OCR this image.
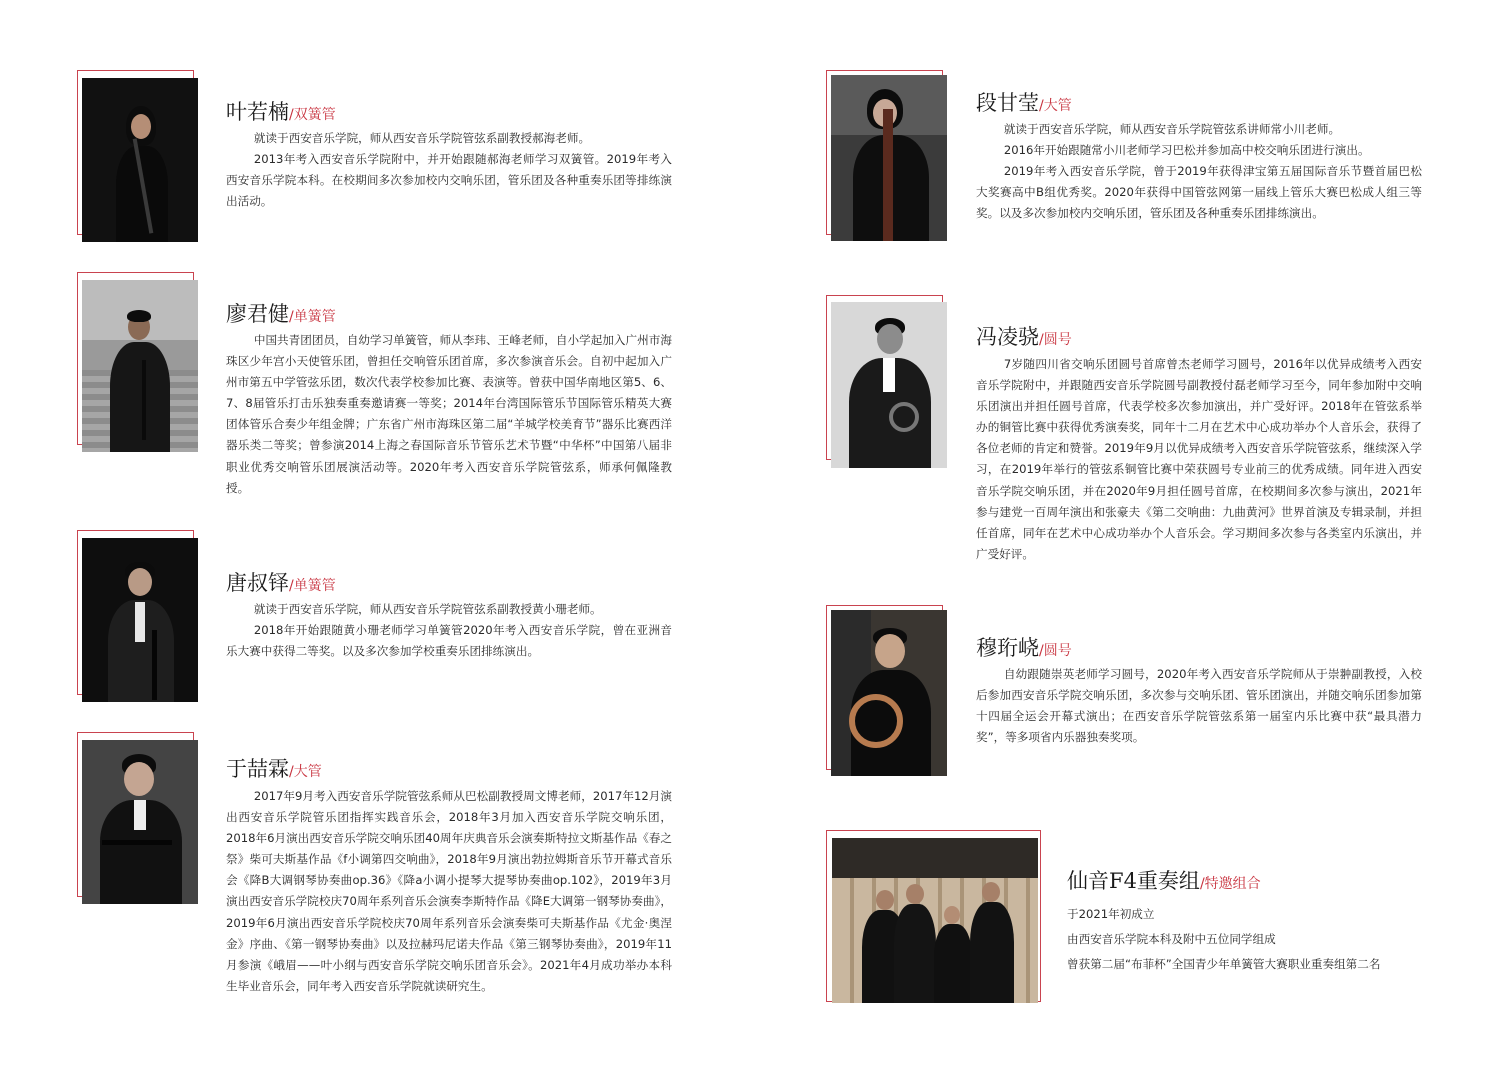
叶若楠/双簧管

就读于西安音乐学院，师从西安音乐学院管弦系副教授郝海老师。

2013年考入西安音乐学院附中，并开始跟随郝海老师学习双簧管。2019年考入西安音乐学院本科。在校期间多次参加校内交响乐团，管乐团及各种重奏乐团等排练演出活动。

廖君健/单簧管

中国共青团团员，自幼学习单簧管，师从李玮、王峰老师，自小学起加入广州市海珠区少年宫小天使管乐团，曾担任交响管乐团首席，多次参演音乐会。自初中起加入广州市第五中学管弦乐团，数次代表学校参加比赛、表演等。曾获中国华南地区第5、6、7、8届管乐打击乐独奏重奏邀请赛一等奖；2014年台湾国际管乐节国际管乐精英大赛团体管乐合奏少年组金牌；广东省广州市海珠区第二届“羊城学校美育节”器乐比赛西洋器乐类二等奖；曾参演2014上海之春国际音乐节管乐艺术节暨“中华杯”中国第八届非职业优秀交响管乐团展演活动等。2020年考入西安音乐学院管弦系，师承何佩隆教授。

唐叔铎/单簧管

就读于西安音乐学院，师从西安音乐学院管弦系副教授黄小珊老师。

2018年开始跟随黄小珊老师学习单簧管2020年考入西安音乐学院，曾在亚洲音乐大赛中获得二等奖。以及多次参加学校重奏乐团排练演出。

于喆霖/大管

2017年9月考入西安音乐学院管弦系师从巴松副教授周文博老师，2017年12月演出西安音乐学院管乐团指挥实践音乐会，2018年3月加入西安音乐学院交响乐团，2018年6月演出西安音乐学院交响乐团40周年庆典音乐会演奏斯特拉文斯基作品《春之祭》柴可夫斯基作品《f小调第四交响曲》，2018年9月演出勃拉姆斯音乐节开幕式音乐会《降B大调钢琴协奏曲op.36》《降a小调小提琴大提琴协奏曲op.102》，2019年3月演出西安音乐学院校庆70周年系列音乐会演奏李斯特作品《降E大调第一钢琴协奏曲》，2019年6月演出西安音乐学院校庆70周年系列音乐会演奏柴可夫斯基作品《尤金·奥涅金》序曲、《第一钢琴协奏曲》以及拉赫玛尼诺夫作品《第三钢琴协奏曲》，2019年11月参演《峨眉——叶小纲与西安音乐学院交响乐团音乐会》。2021年4月成功举办本科生毕业音乐会，同年考入西安音乐学院就读研究生。

段甘莹/大管

就读于西安音乐学院，师从西安音乐学院管弦系讲师常小川老师。

2016年开始跟随常小川老师学习巴松并参加高中校交响乐团进行演出。

2019年考入西安音乐学院，曾于2019年获得津宝第五届国际音乐节暨首届巴松大奖赛高中B组优秀奖。2020年获得中国管弦网第一届线上管乐大赛巴松成人组三等奖。以及多次参加校内交响乐团，管乐团及各种重奏乐团排练演出。

冯凌骁/圆号

7岁随四川省交响乐团圆号首席曾杰老师学习圆号，2016年以优异成绩考入西安音乐学院附中，并跟随西安音乐学院圆号副教授付磊老师学习至今，同年参加附中交响乐团演出并担任圆号首席，代表学校多次参加演出，并广受好评。2018年在管弦系举办的铜管比赛中获得优秀演奏奖，同年十二月在艺术中心成功举办个人音乐会，获得了各位老师的肯定和赞誉。2019年9月以优异成绩考入西安音乐学院管弦系，继续深入学习，在2019年举行的管弦系铜管比赛中荣获圆号专业前三的优秀成绩。同年进入西安音乐学院交响乐团，并在2020年9月担任圆号首席，在校期间多次参与演出，2021年参与建党一百周年演出和张豪夫《第二交响曲：九曲黄河》世界首演及专辑录制，并担任首席，同年在艺术中心成功举办个人音乐会。学习期间多次参与各类室内乐演出，并广受好评。

穆珩峣/圆号

自幼跟随崇英老师学习圆号，2020年考入西安音乐学院师从于崇翀副教授，入校后参加西安音乐学院交响乐团，多次参与交响乐团、管乐团演出，并随交响乐团参加第十四届全运会开幕式演出；在西安音乐学院管弦系第一届室内乐比赛中获“最具潜力奖”，等多项省内乐器独奏奖项。

仙音F4重奏组/特邀组合

于2021年初成立

由西安音乐学院本科及附中五位同学组成

曾获第二届“布菲杯”全国青少年单簧管大赛职业重奏组第二名
